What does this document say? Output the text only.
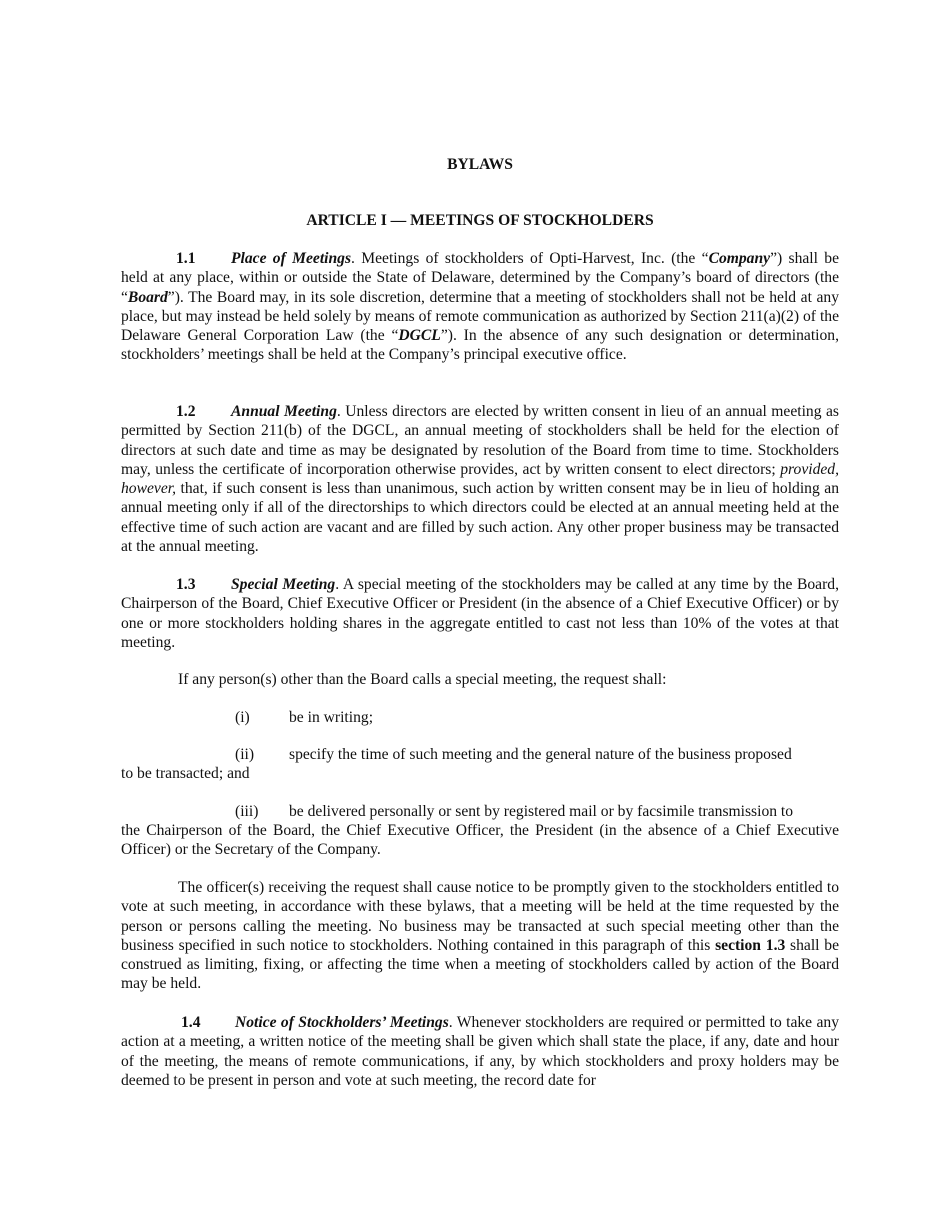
BYLAWS

ARTICLE I — MEETINGS OF STOCKHOLDERS

1.1 Place of Meetings. Meetings of stockholders of Opti-Harvest, Inc. (the “Company”) shall be held at any place, within or outside the State of Delaware, determined by the Company’s board of directors (the “Board”). The Board may, in its sole discretion, determine that a meeting of stockholders shall not be held at any place, but may instead be held solely by means of remote communication as authorized by Section 211(a)(2) of the Delaware General Corporation Law (the “DGCL”). In the absence of any such designation or determination, stockholders’ meetings shall be held at the Company’s principal executive office.

1.2 Annual Meeting. Unless directors are elected by written consent in lieu of an annual meeting as permitted by Section 211(b) of the DGCL, an annual meeting of stockholders shall be held for the election of directors at such date and time as may be designated by resolution of the Board from time to time. Stockholders may, unless the certificate of incorporation otherwise provides, act by written consent to elect directors; provided, however, that, if such consent is less than unanimous, such action by written consent may be in lieu of holding an annual meeting only if all of the directorships to which directors could be elected at an annual meeting held at the effective time of such action are vacant and are filled by such action. Any other proper business may be transacted at the annual meeting.

1.3 Special Meeting. A special meeting of the stockholders may be called at any time by the Board, Chairperson of the Board, Chief Executive Officer or President (in the absence of a Chief Executive Officer) or by one or more stockholders holding shares in the aggregate entitled to cast not less than 10% of the votes at that meeting.

If any person(s) other than the Board calls a special meeting, the request shall:

(i)	be in writing;

(ii) specify the time of such meeting and the general nature of the business proposed

to be transacted; and

(iii) be delivered personally or sent by registered mail or by facsimile transmission to

the Chairperson of the Board, the Chief Executive Officer, the President (in the absence of a Chief Executive Officer) or the Secretary of the Company.

The officer(s) receiving the request shall cause notice to be promptly given to the stockholders entitled to vote at such meeting, in accordance with these bylaws, that a meeting will be held at the time requested by the person or persons calling the meeting. No business may be transacted at such special meeting other than the business specified in such notice to stockholders. Nothing contained in this paragraph of this section 1.3 shall be construed as limiting, fixing, or affecting the time when a meeting of stockholders called by action of the Board may be held.

1.4 Notice of Stockholders’ Meetings. Whenever stockholders are required or permitted to take any action at a meeting, a written notice of the meeting shall be given which shall state the place, if any, date and hour of the meeting, the means of remote communications, if any, by which stockholders and proxy holders may be deemed to be present in person and vote at such meeting, the record date for
